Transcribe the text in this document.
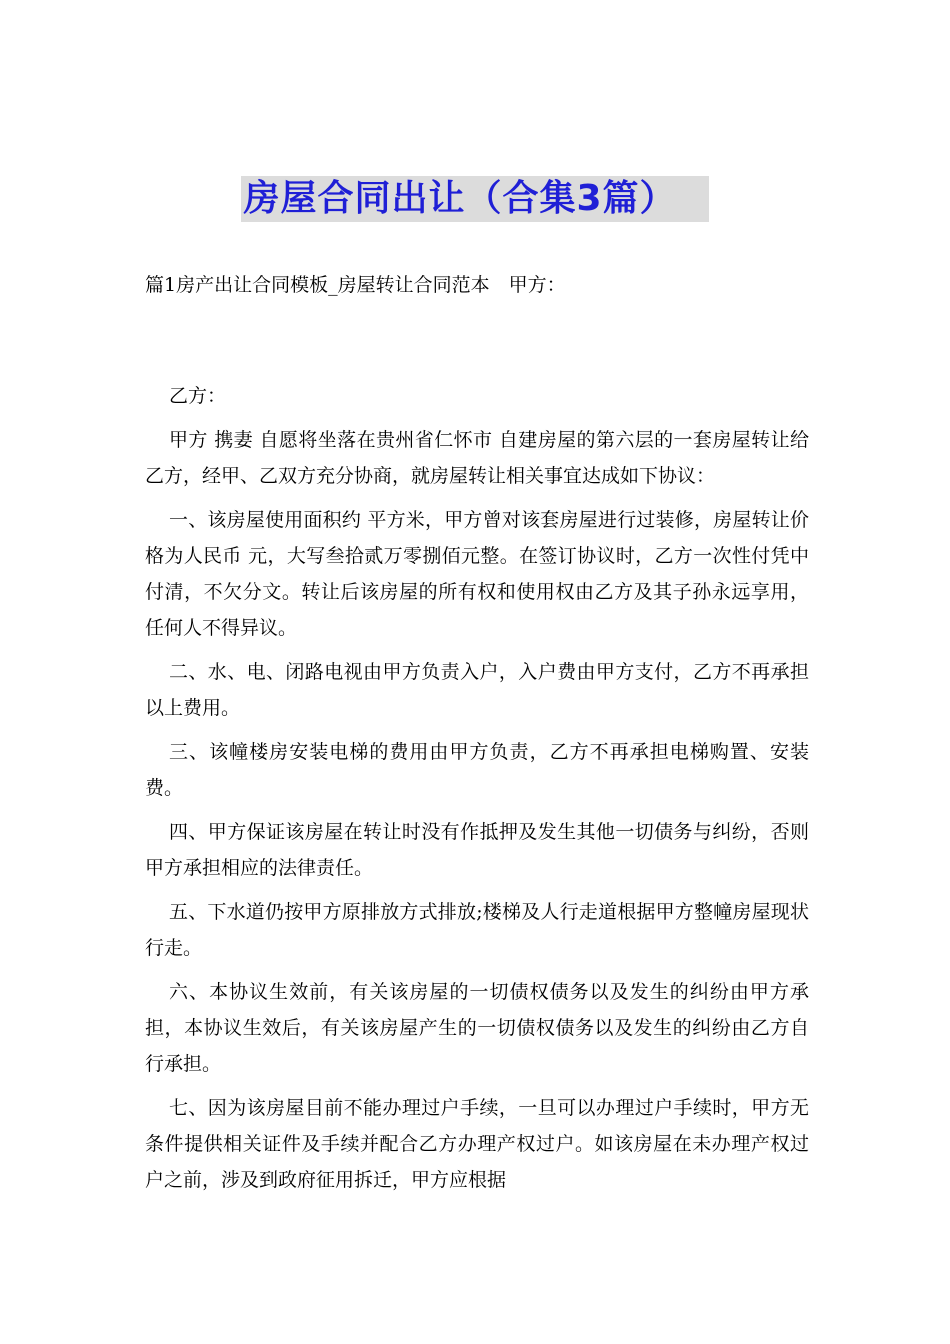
房屋合同出让（合集3篇）
篇1房产出让合同模板_房屋转让合同范本　甲方：

乙方：

甲方 携妻 自愿将坐落在贵州省仁怀市 自建房屋的第六层的一套房屋转让给乙方，经甲、乙双方充分协商，就房屋转让相关事宜达成如下协议：

一、该房屋使用面积约 平方米，甲方曾对该套房屋进行过装修，房屋转让价格为人民币 元，大写叁拾贰万零捌佰元整。在签订协议时，乙方一次性付凭中付清，不欠分文。转让后该房屋的所有权和使用权由乙方及其子孙永远享用，任何人不得异议。

二、水、电、闭路电视由甲方负责入户，入户费由甲方支付，乙方不再承担以上费用。

三、该幢楼房安装电梯的费用由甲方负责，乙方不再承担电梯购置、安装费。

四、甲方保证该房屋在转让时没有作抵押及发生其他一切债务与纠纷，否则甲方承担相应的法律责任。

五、下水道仍按甲方原排放方式排放;楼梯及人行走道根据甲方整幢房屋现状行走。

六、本协议生效前，有关该房屋的一切债权债务以及发生的纠纷由甲方承担，本协议生效后，有关该房屋产生的一切债权债务以及发生的纠纷由乙方自行承担。

七、因为该房屋目前不能办理过户手续，一旦可以办理过户手续时，甲方无条件提供相关证件及手续并配合乙方办理产权过户。如该房屋在未办理产权过户之前，涉及到政府征用拆迁，甲方应根据
